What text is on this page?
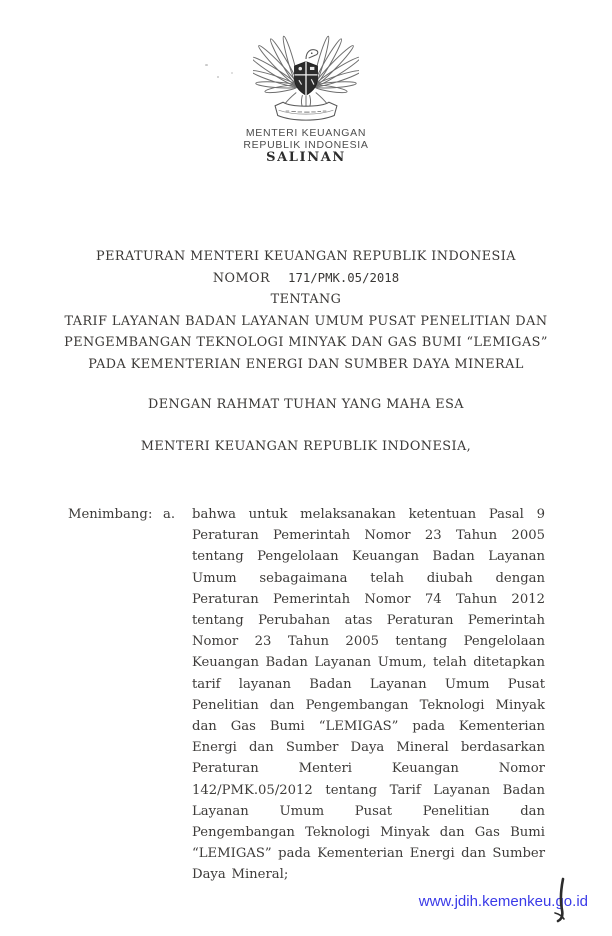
MENTERI KEUANGAN
REPUBLIK INDONESIA
SALINAN
PERATURAN MENTERI KEUANGAN REPUBLIK INDONESIA
NOMOR 171/PMK.05/2018
TENTANG
TARIF LAYANAN BADAN LAYANAN UMUM PUSAT PENELITIAN DAN
PENGEMBANGAN TEKNOLOGI MINYAK DAN GAS BUMI “LEMIGAS”
PADA KEMENTERIAN ENERGI DAN SUMBER DAYA MINERAL
DENGAN RAHMAT TUHAN YANG MAHA ESA
MENTERI KEUANGAN REPUBLIK INDONESIA,
Menimbang : a.	bahwa untuk melaksanakan ketentuan Pasal 9 Peraturan Pemerintah Nomor 23 Tahun 2005 tentang Pengelolaan Keuangan Badan Layanan Umum sebagaimana telah diubah dengan Peraturan Pemerintah Nomor 74 Tahun 2012 tentang Perubahan atas Peraturan Pemerintah Nomor 23 Tahun 2005 tentang Pengelolaan Keuangan Badan Layanan Umum, telah ditetapkan tarif layanan Badan Layanan Umum Pusat Penelitian dan Pengembangan Teknologi Minyak dan Gas Bumi “LEMIGAS” pada Kementerian Energi dan Sumber Daya Mineral berdasarkan Peraturan Menteri Keuangan Nomor 142/PMK.05/2012 tentang Tarif Layanan Badan Layanan Umum Pusat Penelitian dan Pengembangan Teknologi Minyak dan Gas Bumi “LEMIGAS” pada Kementerian Energi dan Sumber Daya Mineral;
www.jdih.kemenkeu.go.id
